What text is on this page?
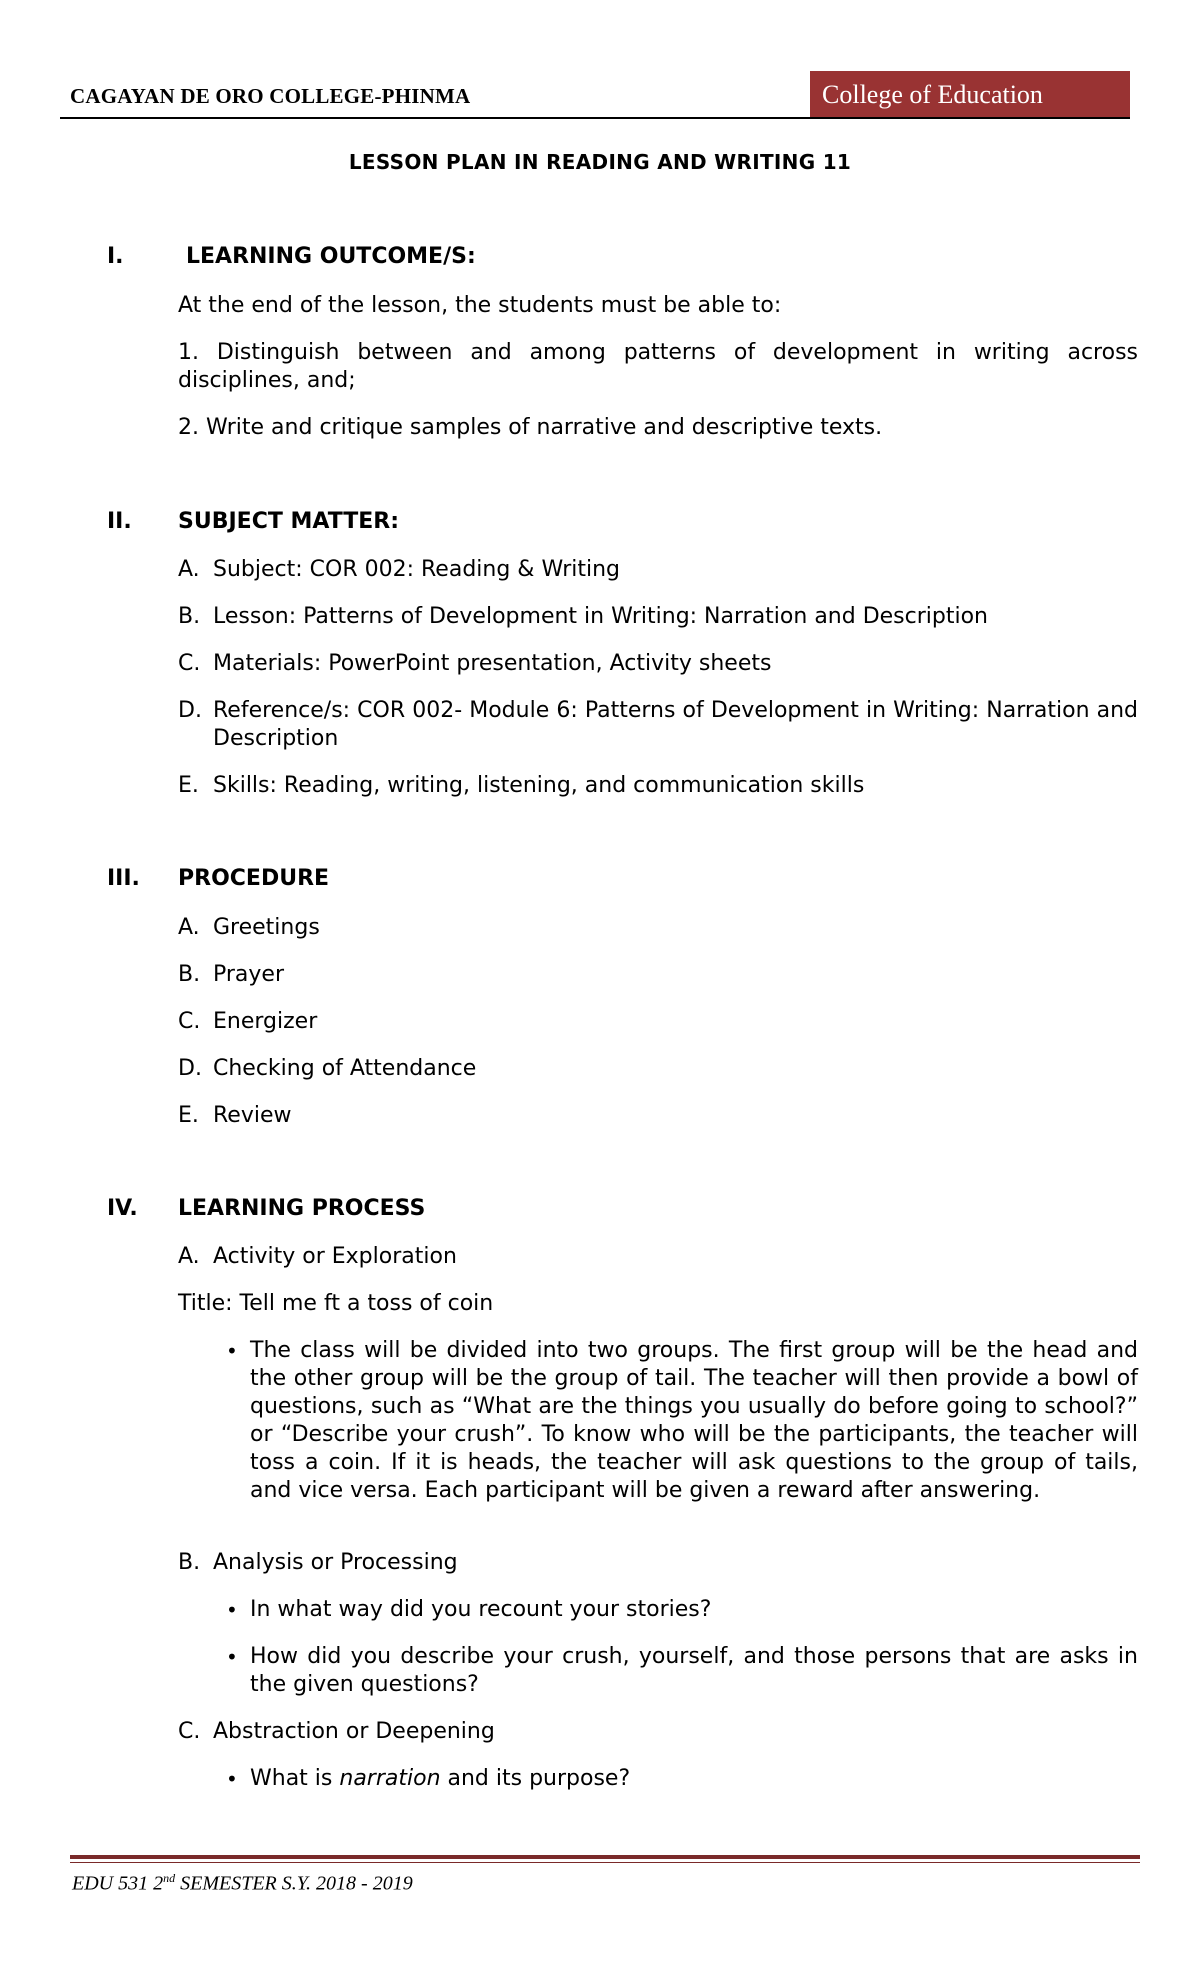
CAGAYAN DE ORO COLLEGE-PHINMA	College of Education
LESSON PLAN IN READING AND WRITING 11
I.	LEARNING OUTCOME/S:
At the end of the lesson, the students must be able to:
1. Distinguish between and among patterns of development in writing across disciplines, and;
2. Write and critique samples of narrative and descriptive texts.
II. SUBJECT MATTER:
A. Subject: COR 002: Reading & Writing
B. Lesson: Patterns of Development in Writing: Narration and Description
C. Materials: PowerPoint presentation, Activity sheets
D. Reference/s: COR 002- Module 6: Patterns of Development in Writing: Narration and Description
E. Skills: Reading, writing, listening, and communication skills
III. PROCEDURE
A. Greetings
B. Prayer
C. Energizer
D. Checking of Attendance
E. Review
IV. LEARNING PROCESS
A. Activity or Exploration
Title: Tell me ft a toss of coin
• The class will be divided into two groups. The first group will be the head and the other group will be the group of tail. The teacher will then provide a bowl of questions, such as “What are the things you usually do before going to school?” or “Describe your crush”. To know who will be the participants, the teacher will toss a coin. If it is heads, the teacher will ask questions to the group of tails, and vice versa. Each participant will be given a reward after answering.
B. Analysis or Processing
• In what way did you recount your stories?
• How did you describe your crush, yourself, and those persons that are asks in the given questions?
C. Abstraction or Deepening
• What is narration and its purpose?
EDU 531 2nd SEMESTER S.Y. 2018 - 2019
